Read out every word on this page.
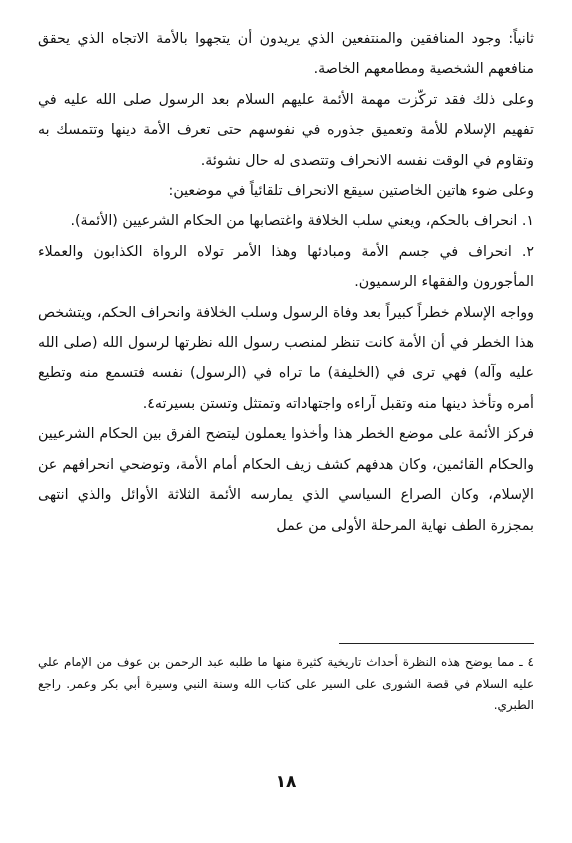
ثانياً: وجود المنافقين والمنتفعين الذي يريدون أن يتجهوا بالأمة الاتجاه الذي يحقق منافعهم الشخصية ومطامعهم الخاصة.

وعلى ذلك فقد تركّزت مهمة الأئمة عليهم السلام بعد الرسول صلى الله عليه في تفهيم الإسلام للأمة وتعميق جذوره في نفوسهم حتى تعرف الأمة دينها وتتمسك به وتقاوم في الوقت نفسه الانحراف وتتصدى له حال نشوئة.

وعلى ضوء هاتين الخاصتين سيقع الانحراف تلقائياً في موضعين:

١. انحراف بالحكم، ويعني سلب الخلافة واغتصابها من الحكام الشرعيين (الأئمة).

٢. انحراف في جسم الأمة ومبادئها وهذا الأمر تولاه الرواة الكذابون والعملاء المأجورون والفقهاء الرسميون.

وواجه الإسلام خطراً كبيراً بعد وفاة الرسول وسلب الخلافة وانحراف الحكم، ويتشخص هذا الخطر في أن الأمة كانت تنظر لمنصب رسول الله نظرتها لرسول الله (صلى الله عليه وآله) فهي ترى في (الخليفة) ما تراه في (الرسول) نفسه فتسمع منه وتطيع أمره وتأخذ دينها منه وتقبل آراءه واجتهاداته وتمتثل وتستن بسيرته٤.

فركز الأئمة على موضع الخطر هذا وأخذوا يعملون ليتضح الفرق بين الحكام الشرعيين والحكام القائمين، وكان هدفهم كشف زيف الحكام أمام الأمة، وتوضحي انحرافهم عن الإسلام، وكان الصراع السياسي الذي يمارسه الأئمة الثلاثة الأوائل والذي انتهى بمجزرة الطف نهاية المرحلة الأولى من عمل

٤ ـ مما يوضح هذه النظرة أحداث تاريخية كثيرة منها ما طلبه عبد الرحمن بن عوف من الإمام علي عليه السلام في قصة الشورى على السير على كتاب الله وسنة النبي وسيرة أبي بكر وعمر. راجع الطبري.

١٨
